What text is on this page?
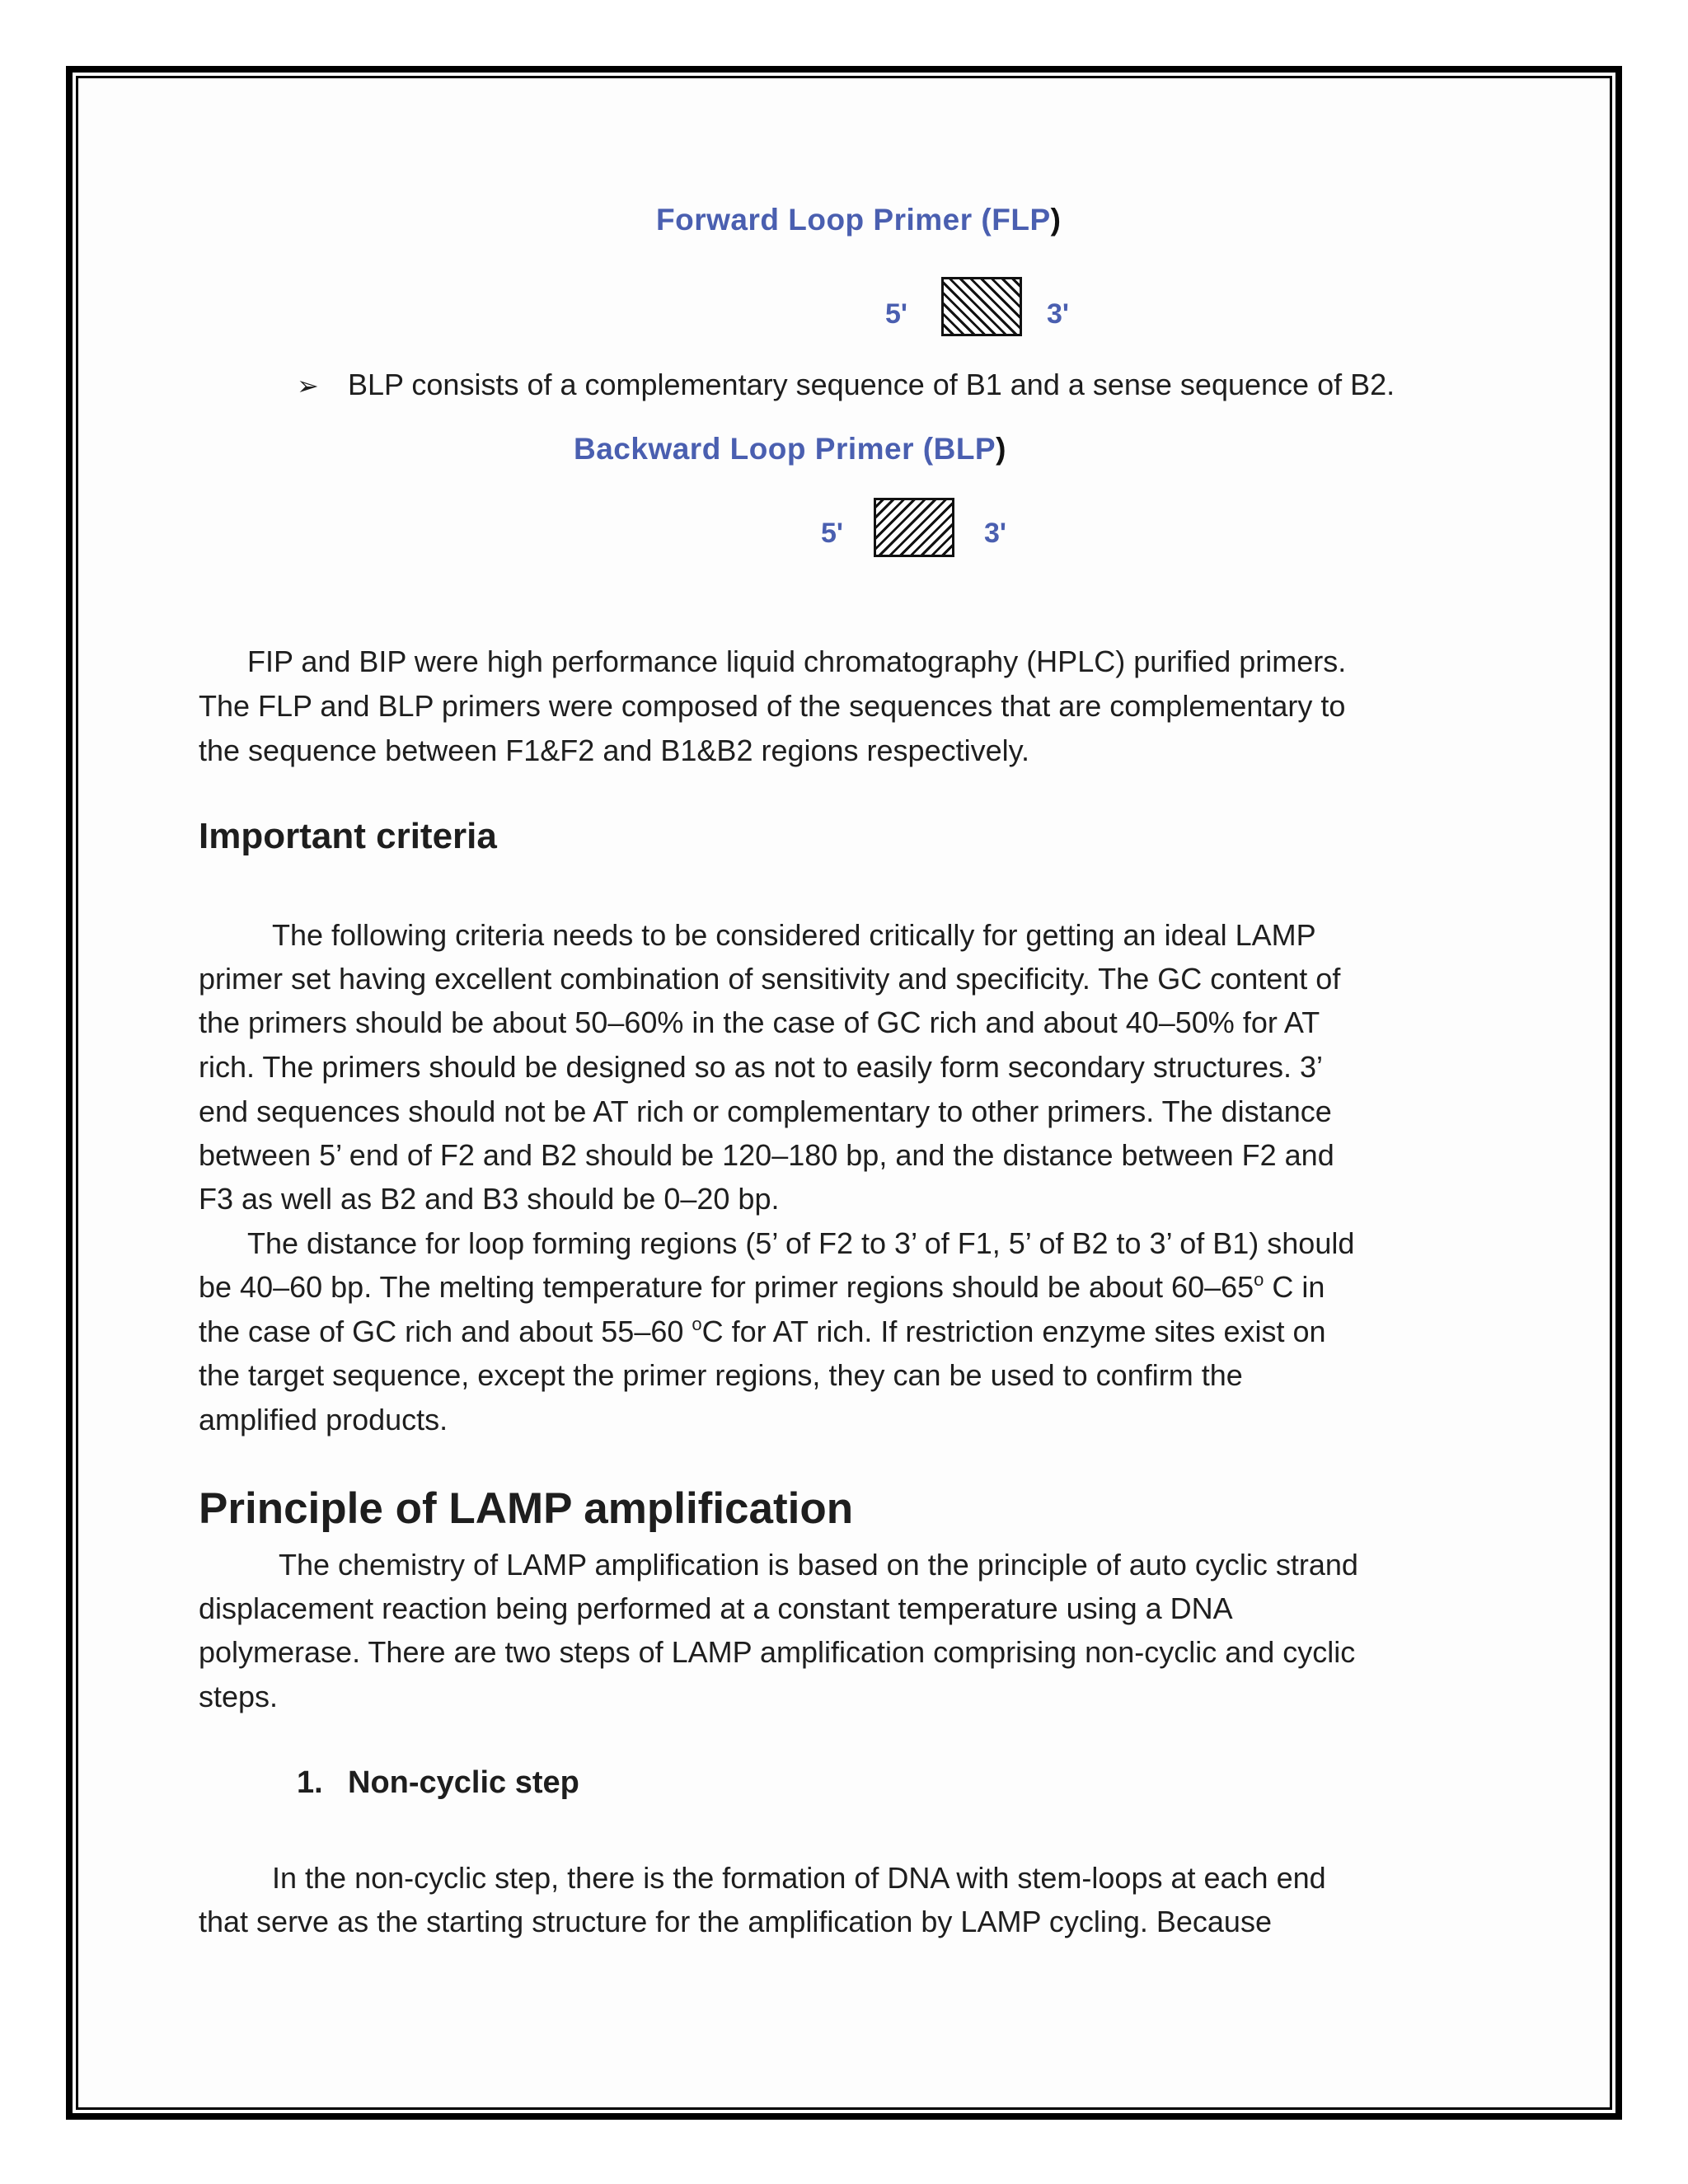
Forward Loop Primer (FLP)
5'	3'
➢ BLP consists of a complementary sequence of B1 and a sense sequence of B2.
Backward Loop Primer (BLP)
5'	3'
FIP and BIP were high performance liquid chromatography (HPLC) purified primers.
The FLP and BLP primers were composed of the sequences that are complementary to
the sequence between F1&F2 and B1&B2 regions respectively.
Important criteria
The following criteria needs to be considered critically for getting an ideal LAMP
primer set having excellent combination of sensitivity and specificity. The GC content of
the primers should be about 50–60% in the case of GC rich and about 40–50% for AT
rich. The primers should be designed so as not to easily form secondary structures. 3’
end sequences should not be AT rich or complementary to other primers. The distance
between 5’ end of F2 and B2 should be 120–180 bp, and the distance between F2 and
F3 as well as B2 and B3 should be 0–20 bp.
The distance for loop forming regions (5’ of F2 to 3’ of F1, 5’ of B2 to 3’ of B1) should
be 40–60 bp. The melting temperature for primer regions should be about 60–65$^o$ C in
the case of GC rich and about 55–60 $^o$C for AT rich. If restriction enzyme sites exist on
the target sequence, except the primer regions, they can be used to confirm the
amplified products.
Principle of LAMP amplification
The chemistry of LAMP amplification is based on the principle of auto cyclic strand
displacement reaction being performed at a constant temperature using a DNA
polymerase. There are two steps of LAMP amplification comprising non-cyclic and cyclic
steps.
1. Non-cyclic step
In the non-cyclic step, there is the formation of DNA with stem-loops at each end
that serve as the starting structure for the amplification by LAMP cycling. Because
